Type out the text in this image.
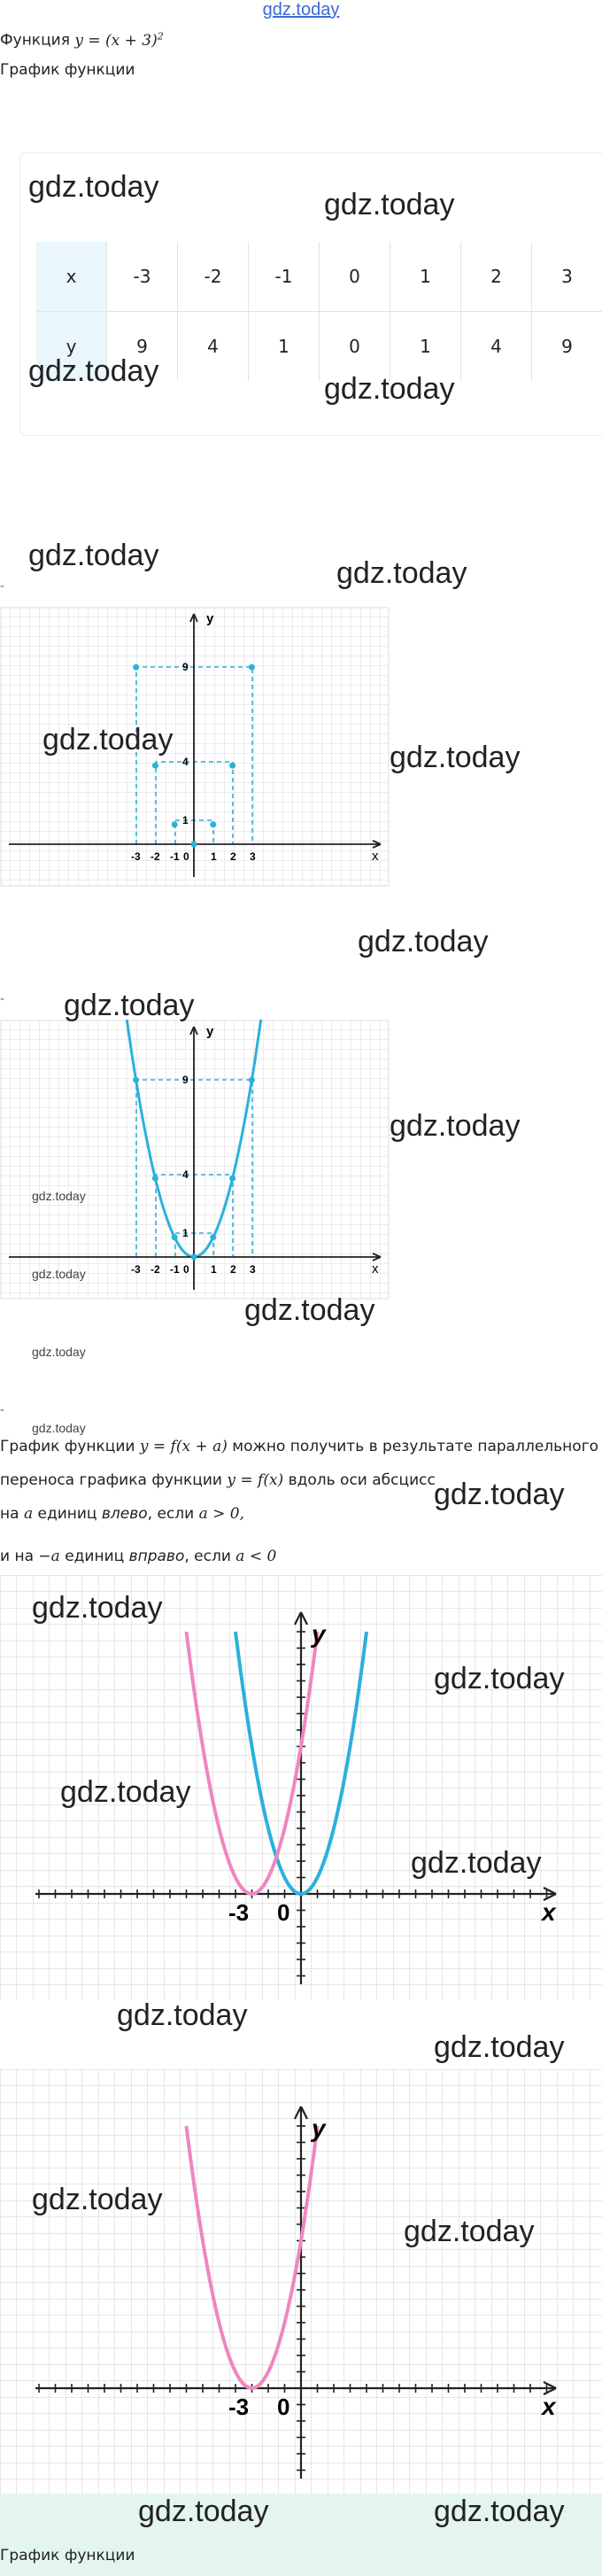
gdz.today
Функция $y = (x + 3)^2$
График функции
x	-3	-2	-1	0	1	2	3
y	9	4	1	0	1	4	9
-
-
-
x
y
-3 -2 -1 0 1 2 3
1
4
9
x
y
-3 -2 -1 0 1 2 3
1
4
9
График функции y = f(x + a) можно получить в результате параллельного
переноса графика функции y = f(x) вдоль оси абсцисс
на a единиц влево, если a > 0,
и на −a единиц вправо, если a < 0
x
y
-3 0
x
y
-3 0
График функции
gdz.today
gdz.today
gdz.today
gdz.today
gdz.today
gdz.today
gdz.today
gdz.today
gdz.today
gdz.today
gdz.today
gdz.today
gdz.today
gdz.today
gdz.today
gdz.today
gdz.today
gdz.today
gdz.today
gdz.today
gdz.today
gdz.today
gdz.today
gdz.today
gdz.today
gdz.today	gdz.today
